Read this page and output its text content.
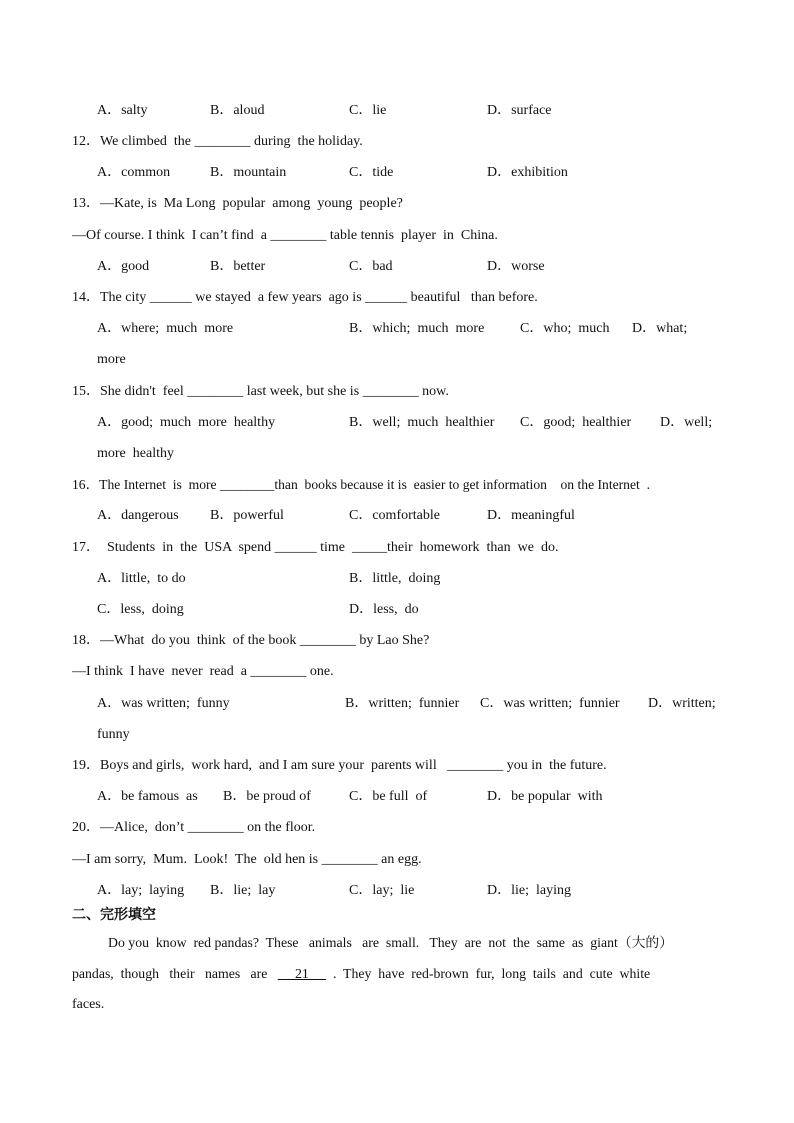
A．salty	B．aloud	C．lie	D．surface
12．We climbed  the ________ during  the holiday.
A．common	B．mountain	C．tide	D．exhibition
13．—Kate, is  Ma Long  popular  among  young  people?
—Of course. I think  I can’t find  a ________ table tennis  player  in  China.
A．good	B．better	C．bad	D．worse
14．The city ______ we stayed  a few years  ago is ______ beautiful   than before.
A．where;  much  more	B．which;  much  more	C．who;  much D．what;
more
15．She didn't  feel ________ last week, but she is ________ now.
A．good;  much  more  healthy	B．well;  much  healthier C．good;  healthier D．well;
more  healthy
16．The Internet  is  more ________than  books because it is  easier to get information    on the Internet  .
A．dangerous B．powerful	C．comfortable	D．meaningful
17．  Students  in  the  USA  spend ______ time  _____their  homework  than  we  do.
A．little,  to do	B．little,  doing
C．less,  doing	D．less,  do
18．—What  do you  think  of the book ________ by Lao She?
—I think  I have  never  read  a ________ one.
A．was written;  funny	B．written;  funnier C．was written;  funnier D．written;
funny
19．Boys and girls,  work hard,  and I am sure your  parents will   ________ you in  the future.
A．be famous  as B．be proud of	C．be full  of	D．be popular  with
20．—Alice,  don’t ________ on the floor.
—I am sorry,  Mum.  Look!  The  old hen is ________ an egg.
A．lay;  laying B．lie;  lay	C．lay;  lie	D．lie;  laying
二、完形填空
Do you  know  red pandas?  These   animals   are  small.   They  are  not  the  same  as  giant（大的）
pandas,  though   their   names   are        21       .  They  have  red-brown  fur,  long  tails  and  cute  white
faces.
